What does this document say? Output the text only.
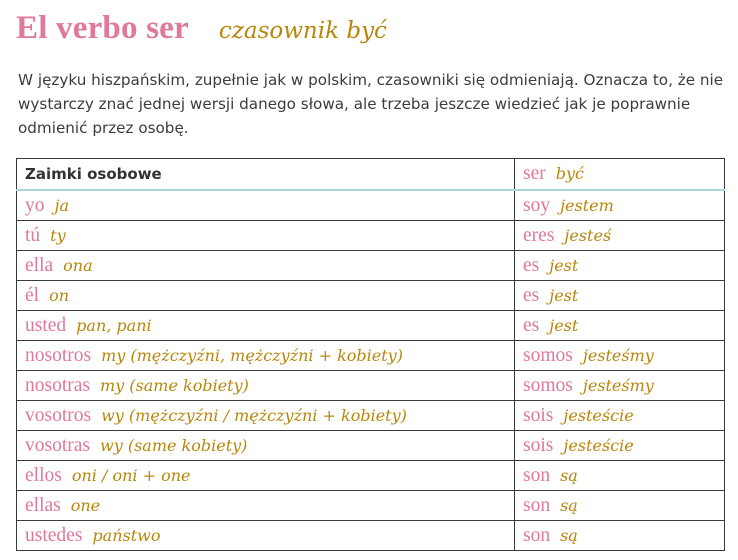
El verbo ser czasownik być

W języku hiszpańskim, zupełnie jak w polskim, czasowniki się odmieniają. Oznacza to, że nie wystarczy znać jednej wersji danego słowa, ale trzeba jeszcze wiedzieć jak je poprawnie odmienić przez osobę.

Zaimki osobowe	ser być
yo ja	soy jestem
tú ty	eres jesteś
ella ona	es jest
él on	es jest
usted pan, pani	es jest
nosotros my (mężczyźni, mężczyźni + kobiety)	somos jesteśmy
nosotras my (same kobiety)	somos jesteśmy
vosotros wy (mężczyźni / mężczyźni + kobiety)	sois jesteście
vosotras wy (same kobiety)	sois jesteście
ellos oni / oni + one	son są
ellas one	son są
ustedes państwo	son są
